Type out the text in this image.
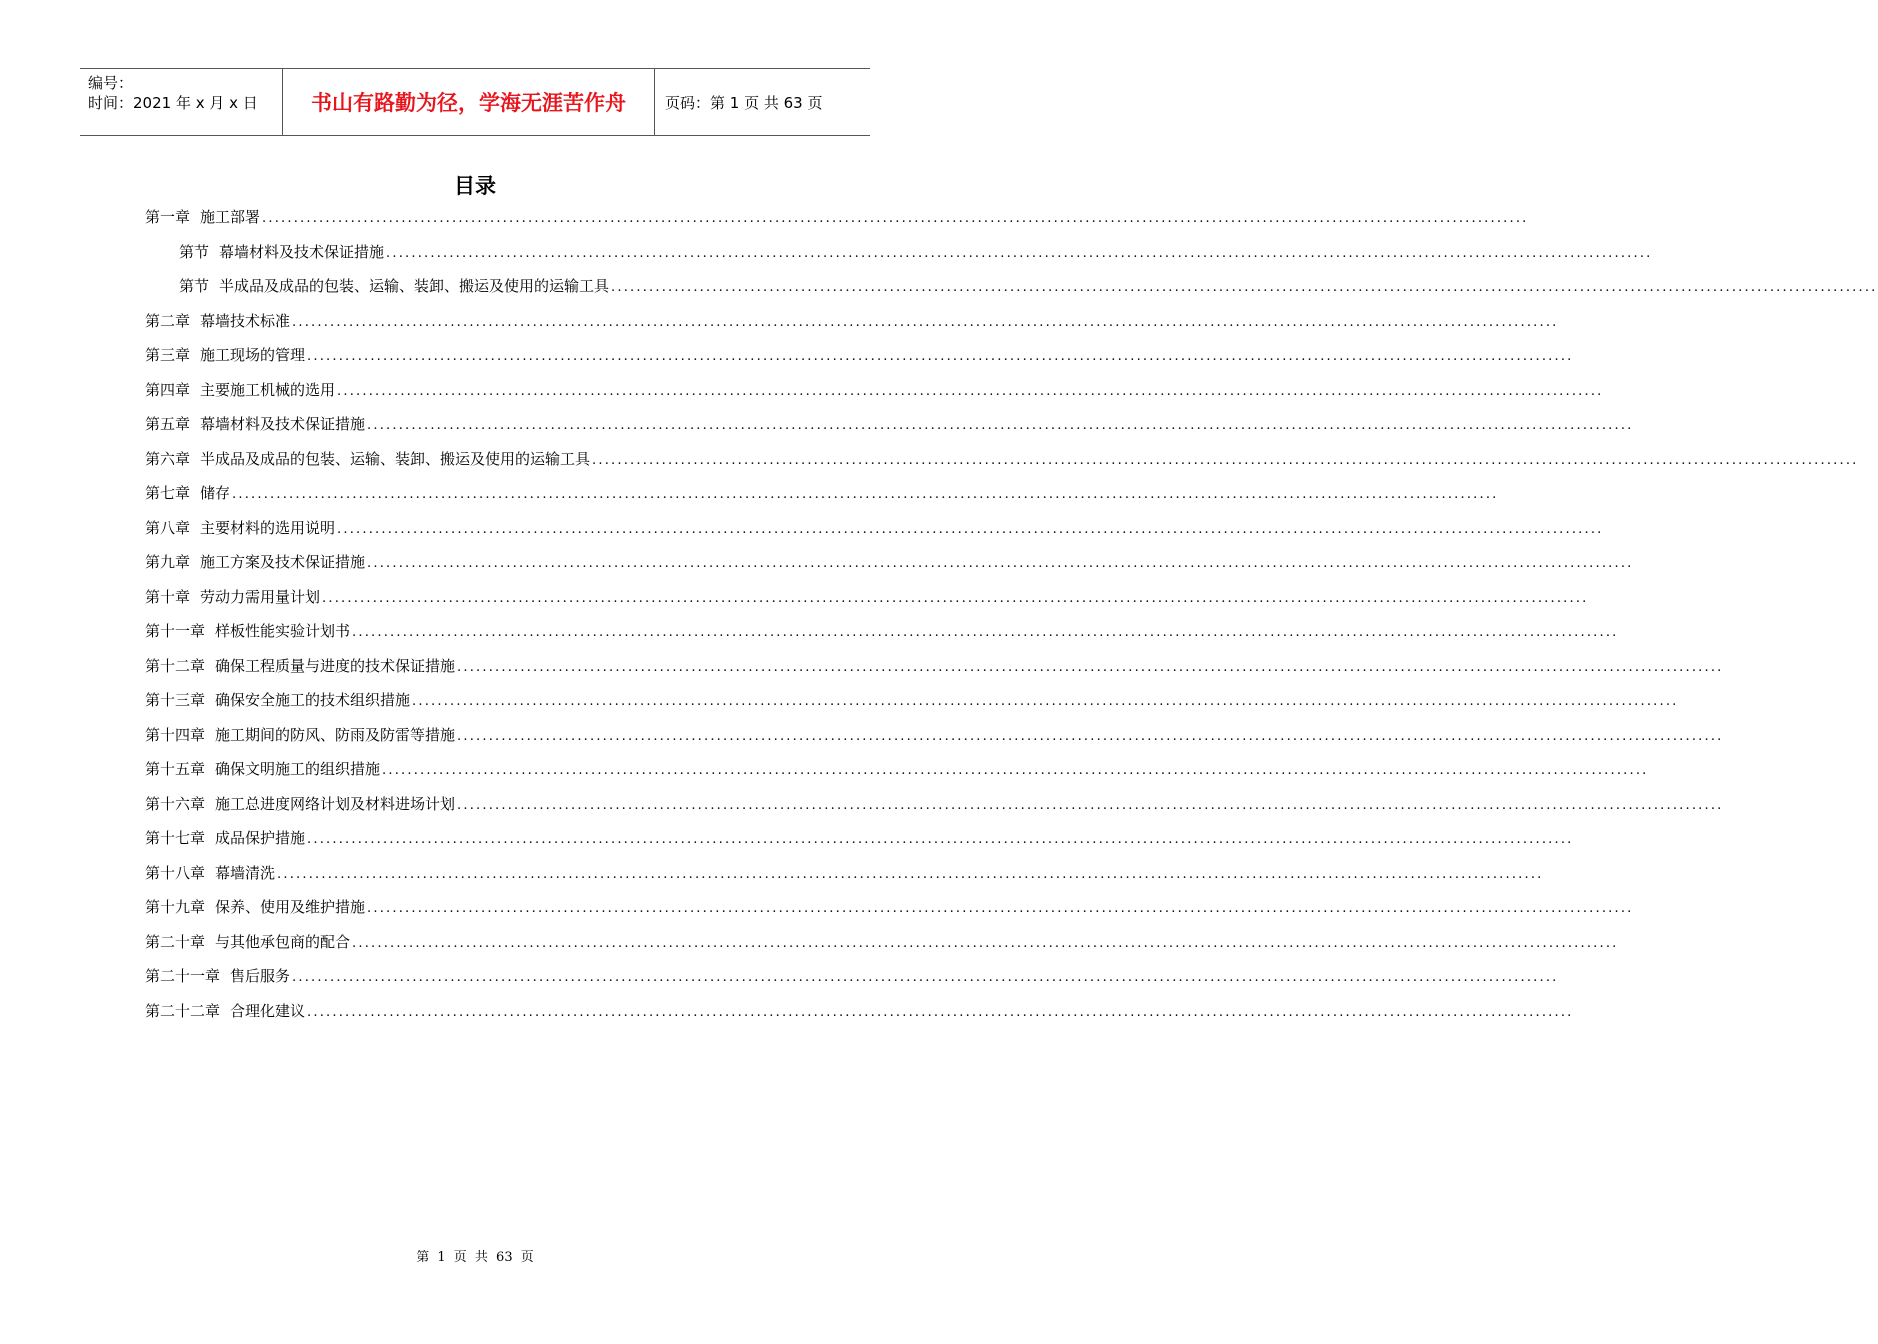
编号：
时间：2021 年 x 月 x 日	书山有路勤为径，学海无涯苦作舟	页码：第 1 页 共 63 页
目录
第一章 施工部署 ........................................................................................................................................................................................................
第节 幕墙材料及技术保证措施 ........................................................................................................................................................................................................
第节 半成品及成品的包装、运输、装卸、搬运及使用的运输工具 ........................................................................................................................................................................................................
第二章 幕墙技术标准 ........................................................................................................................................................................................................
第三章 施工现场的管理 ........................................................................................................................................................................................................
第四章 主要施工机械的选用 ........................................................................................................................................................................................................
第五章 幕墙材料及技术保证措施 ........................................................................................................................................................................................................
第六章 半成品及成品的包装、运输、装卸、搬运及使用的运输工具 ........................................................................................................................................................................................................
第七章 储存 ........................................................................................................................................................................................................
第八章 主要材料的选用说明 ........................................................................................................................................................................................................
第九章 施工方案及技术保证措施 ........................................................................................................................................................................................................
第十章 劳动力需用量计划 ........................................................................................................................................................................................................
第十一章 样板性能实验计划书 ........................................................................................................................................................................................................
第十二章 确保工程质量与进度的技术保证措施 ........................................................................................................................................................................................................
第十三章 确保安全施工的技术组织措施 ........................................................................................................................................................................................................
第十四章 施工期间的防风、防雨及防雷等措施 ........................................................................................................................................................................................................
第十五章 确保文明施工的组织措施 ........................................................................................................................................................................................................
第十六章 施工总进度网络计划及材料进场计划 ........................................................................................................................................................................................................
第十七章 成品保护措施 ........................................................................................................................................................................................................
第十八章 幕墙清洗 ........................................................................................................................................................................................................
第十九章 保养、使用及维护措施 ........................................................................................................................................................................................................
第二十章 与其他承包商的配合 ........................................................................................................................................................................................................
第二十一章 售后服务 ........................................................................................................................................................................................................
第二十二章 合理化建议 ........................................................................................................................................................................................................
第 1 页 共 63 页
